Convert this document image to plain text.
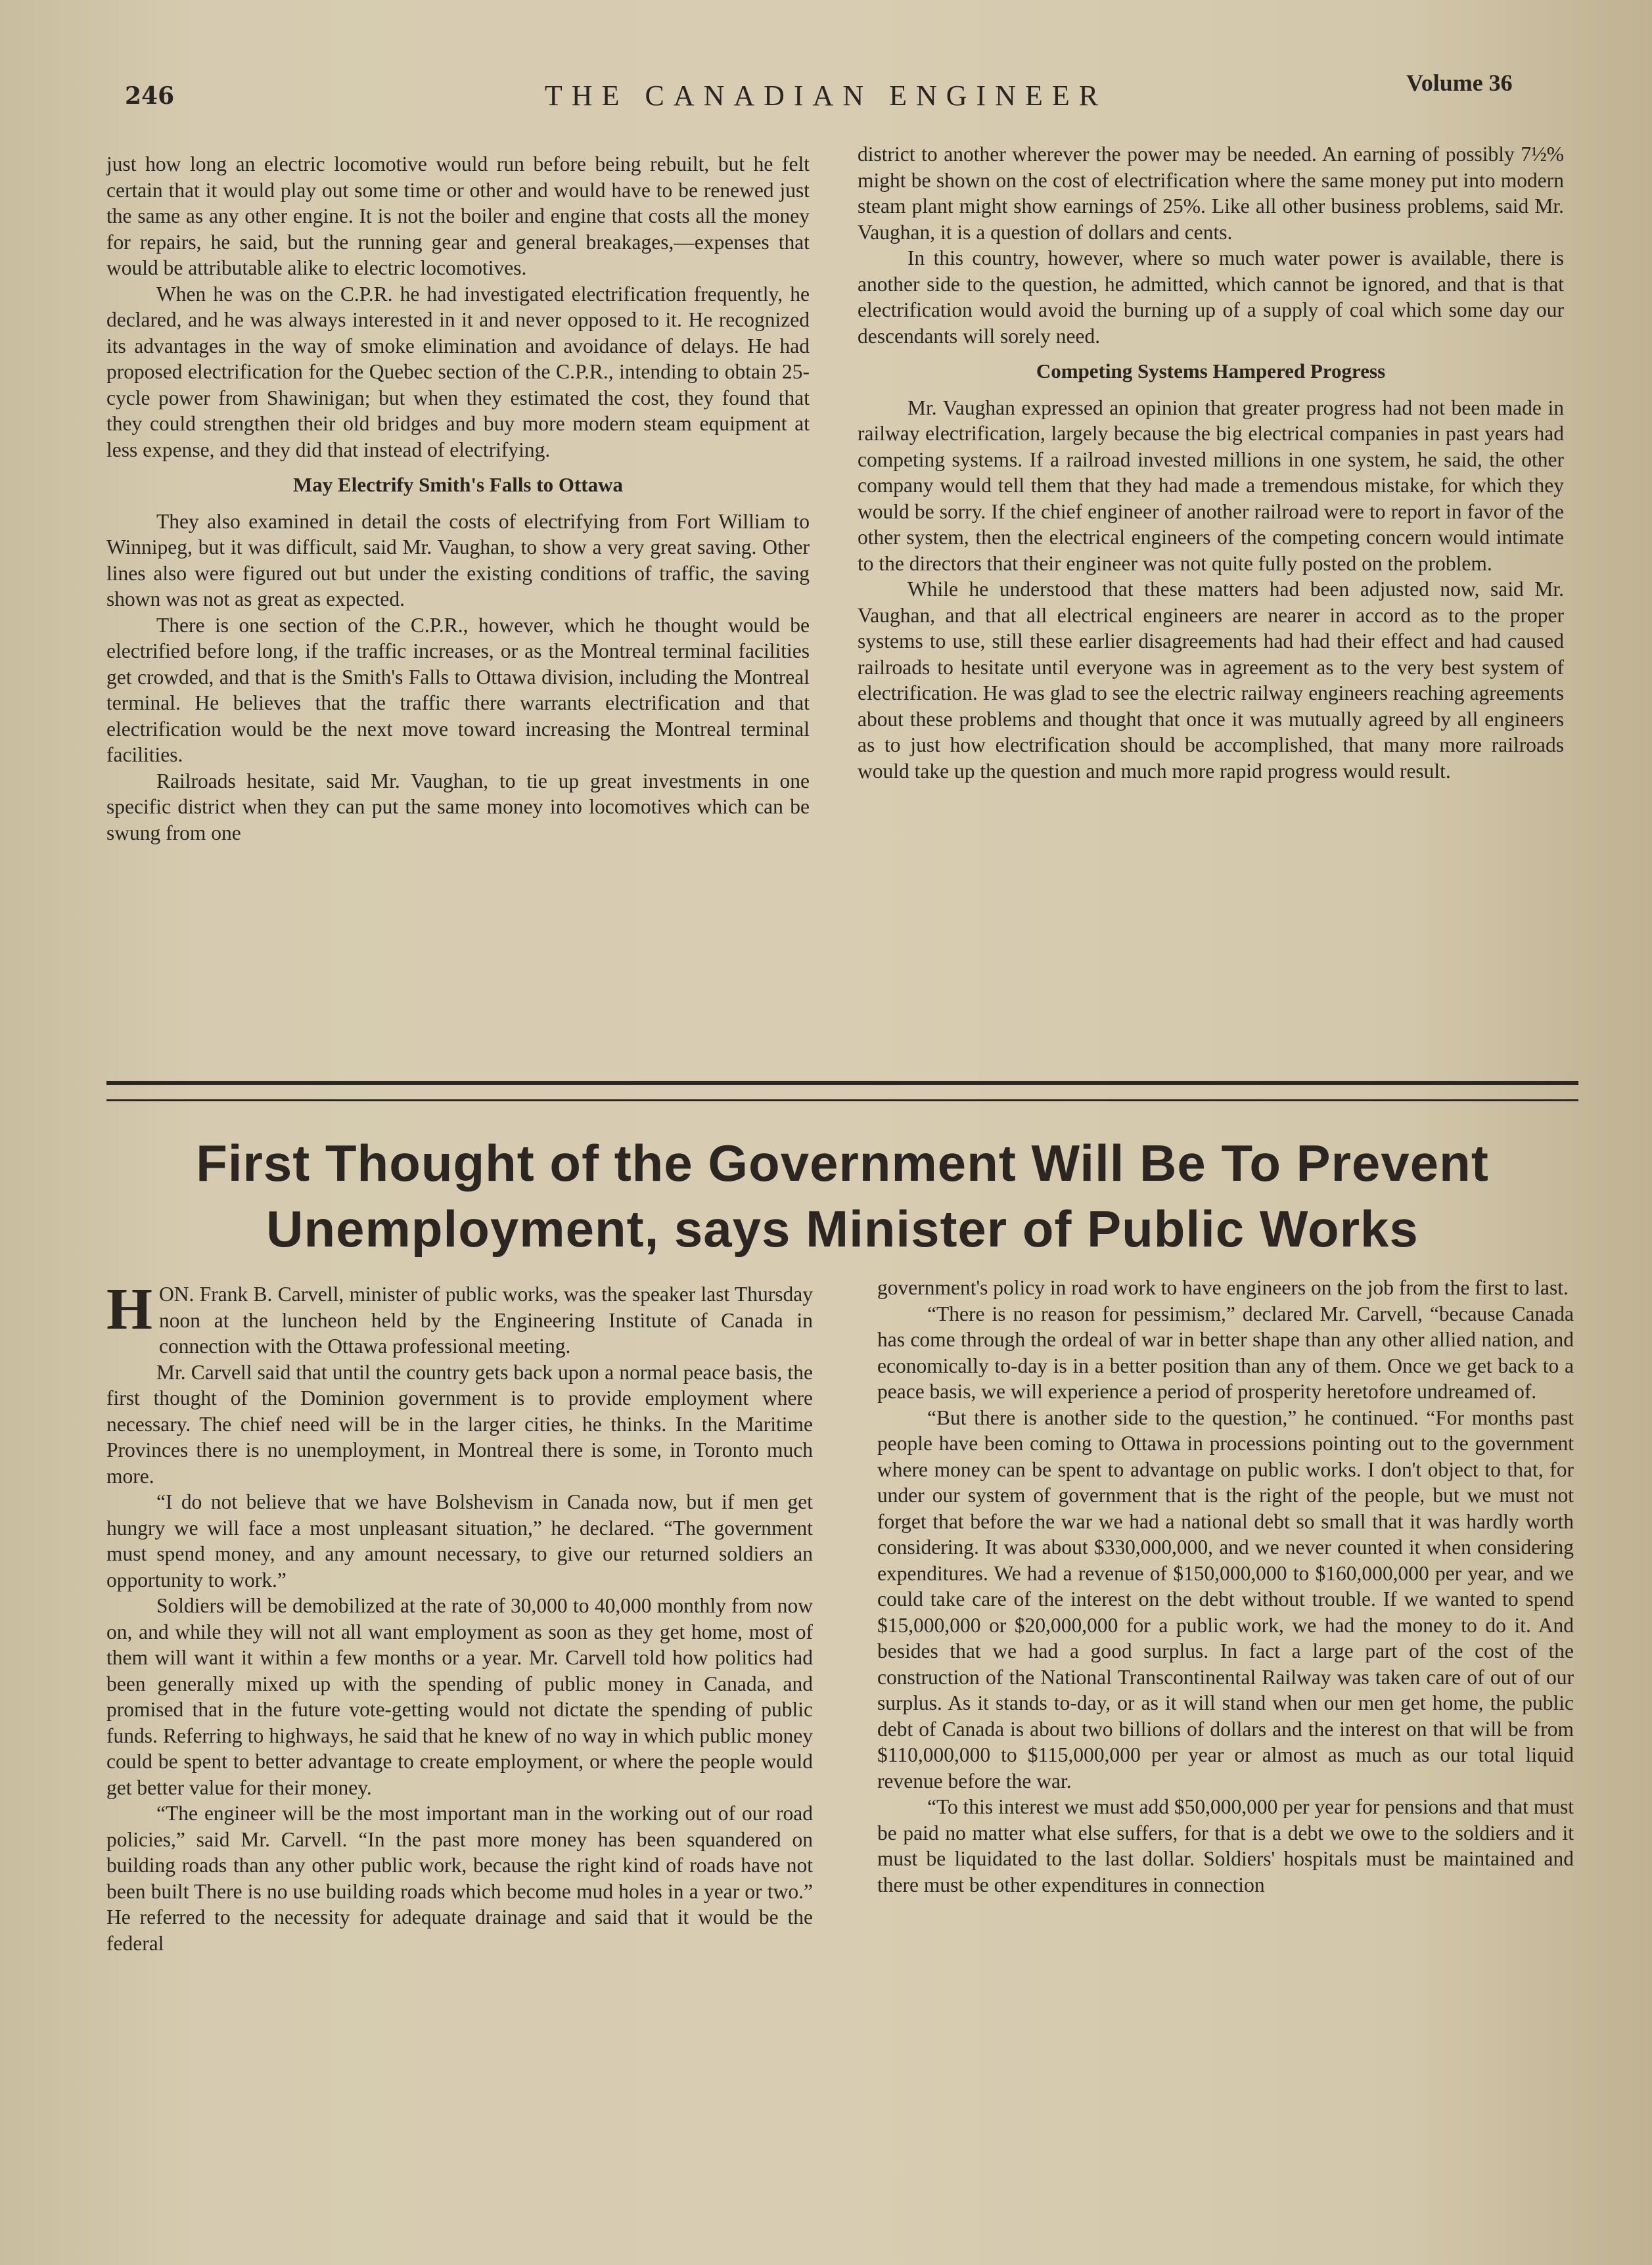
246	THE CANADIAN ENGINEER	Volume 36

just how long an electric locomotive would run before being rebuilt, but he felt certain that it would play out some time or other and would have to be renewed just the same as any other engine. It is not the boiler and engine that costs all the money for repairs, he said, but the running gear and general breakages,—expenses that would be attributable alike to electric locomotives.

When he was on the C.P.R. he had investigated electrification frequently, he declared, and he was always interested in it and never opposed to it. He recognized its advantages in the way of smoke elimination and avoidance of delays. He had proposed electrification for the Quebec section of the C.P.R., intending to obtain 25-cycle power from Shawinigan; but when they estimated the cost, they found that they could strengthen their old bridges and buy more modern steam equipment at less expense, and they did that instead of electrifying.

May Electrify Smith's Falls to Ottawa

They also examined in detail the costs of electrifying from Fort William to Winnipeg, but it was difficult, said Mr. Vaughan, to show a very great saving. Other lines also were figured out but under the existing conditions of traffic, the saving shown was not as great as expected.

There is one section of the C.P.R., however, which he thought would be electrified before long, if the traffic increases, or as the Montreal terminal facilities get crowded, and that is the Smith's Falls to Ottawa division, including the Montreal terminal. He believes that the traffic there warrants electrification and that electrification would be the next move toward increasing the Montreal terminal facilities.

Railroads hesitate, said Mr. Vaughan, to tie up great investments in one specific district when they can put the same money into locomotives which can be swung from one

district to another wherever the power may be needed. An earning of possibly 7½% might be shown on the cost of electrification where the same money put into modern steam plant might show earnings of 25%. Like all other business problems, said Mr. Vaughan, it is a question of dollars and cents.

In this country, however, where so much water power is available, there is another side to the question, he admitted, which cannot be ignored, and that is that electrification would avoid the burning up of a supply of coal which some day our descendants will sorely need.

Competing Systems Hampered Progress

Mr. Vaughan expressed an opinion that greater progress had not been made in railway electrification, largely because the big electrical companies in past years had competing systems. If a railroad invested millions in one system, he said, the other company would tell them that they had made a tremendous mistake, for which they would be sorry. If the chief engineer of another railroad were to report in favor of the other system, then the electrical engineers of the competing concern would intimate to the directors that their engineer was not quite fully posted on the problem.

While he understood that these matters had been adjusted now, said Mr. Vaughan, and that all electrical engineers are nearer in accord as to the proper systems to use, still these earlier disagreements had had their effect and had caused railroads to hesitate until everyone was in agreement as to the very best system of electrification. He was glad to see the electric railway engineers reaching agreements about these problems and thought that once it was mutually agreed by all engineers as to just how electrification should be accomplished, that many more railroads would take up the question and much more rapid progress would result.

First Thought of the Government Will Be To Prevent
Unemployment, says Minister of Public Works

HON. Frank B. Carvell, minister of public works, was the speaker last Thursday noon at the luncheon held by the Engineering Institute of Canada in connection with the Ottawa professional meeting.

Mr. Carvell said that until the country gets back upon a normal peace basis, the first thought of the Dominion government is to provide employment where necessary. The chief need will be in the larger cities, he thinks. In the Maritime Provinces there is no unemployment, in Montreal there is some, in Toronto much more.

“I do not believe that we have Bolshevism in Canada now, but if men get hungry we will face a most unpleasant situation,” he declared. “The government must spend money, and any amount necessary, to give our returned soldiers an opportunity to work.”

Soldiers will be demobilized at the rate of 30,000 to 40,000 monthly from now on, and while they will not all want employment as soon as they get home, most of them will want it within a few months or a year. Mr. Carvell told how politics had been generally mixed up with the spending of public money in Canada, and promised that in the future vote-getting would not dictate the spending of public funds. Referring to highways, he said that he knew of no way in which public money could be spent to better advantage to create employment, or where the people would get better value for their money.

“The engineer will be the most important man in the working out of our road policies,” said Mr. Carvell. “In the past more money has been squandered on building roads than any other public work, because the right kind of roads have not been built There is no use building roads which become mud holes in a year or two.” He referred to the necessity for adequate drainage and said that it would be the federal

government's policy in road work to have engineers on the job from the first to last.

“There is no reason for pessimism,” declared Mr. Carvell, “because Canada has come through the ordeal of war in better shape than any other allied nation, and economically to-day is in a better position than any of them. Once we get back to a peace basis, we will experience a period of prosperity heretofore undreamed of.

“But there is another side to the question,” he continued. “For months past people have been coming to Ottawa in processions pointing out to the government where money can be spent to advantage on public works. I don't object to that, for under our system of government that is the right of the people, but we must not forget that before the war we had a national debt so small that it was hardly worth considering. It was about $330,000,000, and we never counted it when considering expenditures. We had a revenue of $150,000,000 to $160,000,000 per year, and we could take care of the interest on the debt without trouble. If we wanted to spend $15,000,000 or $20,000,000 for a public work, we had the money to do it. And besides that we had a good surplus. In fact a large part of the cost of the construction of the National Transcontinental Railway was taken care of out of our surplus. As it stands to-day, or as it will stand when our men get home, the public debt of Canada is about two billions of dollars and the interest on that will be from $110,000,000 to $115,000,000 per year or almost as much as our total liquid revenue before the war.

“To this interest we must add $50,000,000 per year for pensions and that must be paid no matter what else suffers, for that is a debt we owe to the soldiers and it must be liquidated to the last dollar. Soldiers' hospitals must be maintained and there must be other expenditures in connection
